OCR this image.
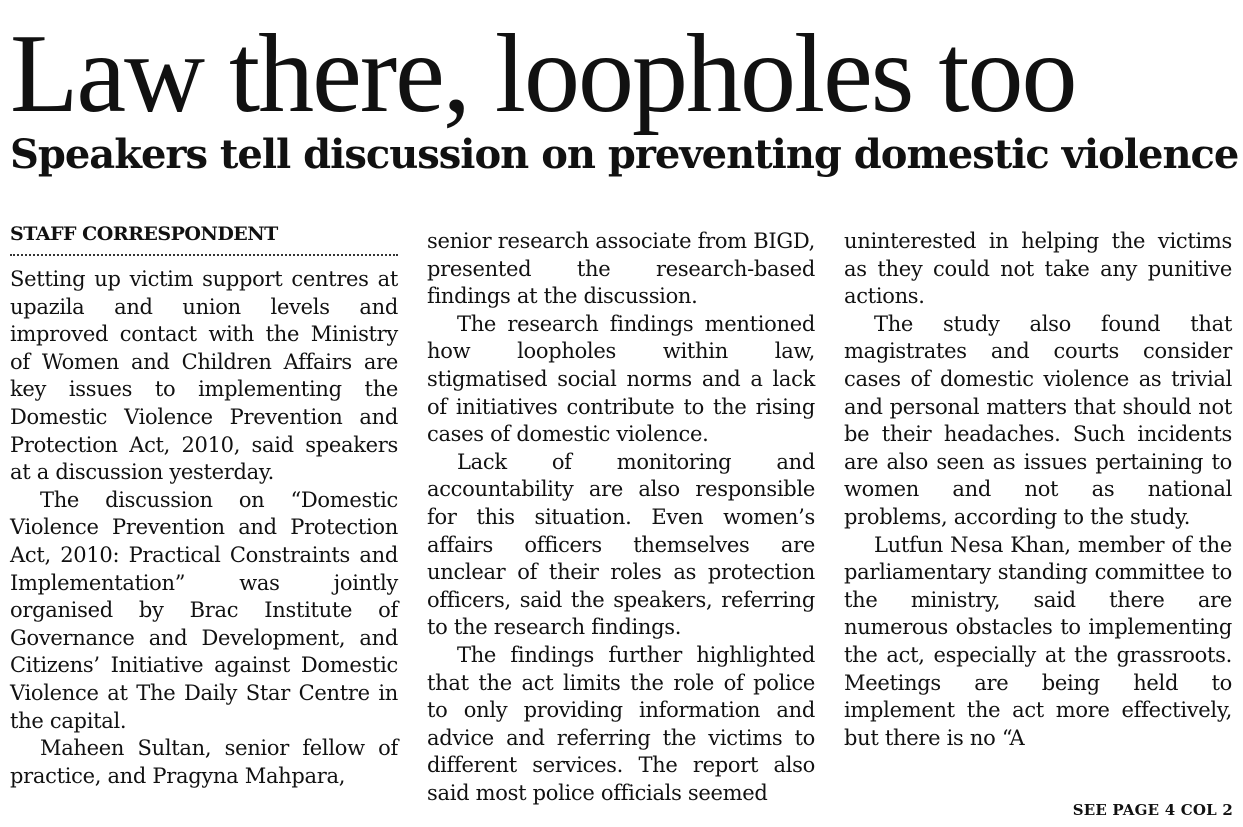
Law there, loopholes too
Speakers tell discussion on preventing domestic violence
STAFF CORRESPONDENT

Setting up victim support centres at upazila and union levels and improved contact with the Ministry of Women and Children Affairs are key issues to implementing the Domestic Violence Prevention and Protection Act, 2010, said speakers at a discussion yesterday.

The discussion on “Domestic Violence Prevention and Protection Act, 2010: Practical Constraints and Implementation” was jointly organised by Brac Institute of Governance and Development, and Citizens’ Initiative against Domestic Violence at The Daily Star Centre in the capital.

Maheen Sultan, senior fellow of practice, and Pragyna Mahpara,

senior research associate from BIGD, presented the research-based findings at the discussion.

The research findings mentioned how loopholes within law, stigmatised social norms and a lack of initiatives contribute to the rising cases of domestic violence.

Lack of monitoring and accountability are also responsible for this situation. Even women’s affairs officers themselves are unclear of their roles as protection officers, said the speakers, referring to the research findings.

The findings further highlighted that the act limits the role of police to only providing information and advice and referring the victims to different services. The report also said most police officials seemed

uninterested in helping the victims as they could not take any punitive actions.

The study also found that magistrates and courts consider cases of domestic violence as trivial and personal matters that should not be their headaches. Such incidents are also seen as issues pertaining to women and not as national problems, according to the study.

Lutfun Nesa Khan, member of the parliamentary standing committee to the ministry, said there are numerous obstacles to implementing the act, especially at the grassroots. Meetings are being held to implement the act more effectively, but there is no “A

SEE PAGE 4 COL 2
